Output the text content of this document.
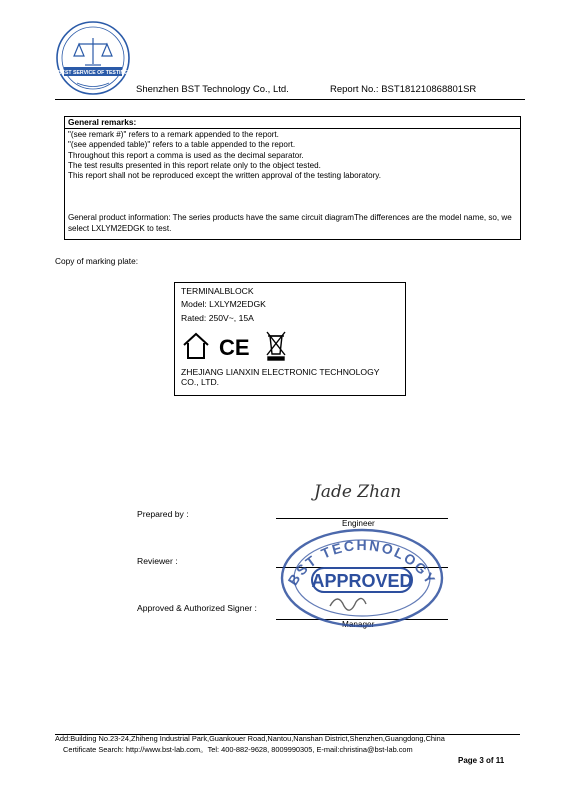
BEST SERVICE OF TESTING
Shenzhen BST Technology Co., Ltd.	Report No.: BST181210868801SR
General remarks:
"(see remark #)" refers to a remark appended to the report.
"(see appended table)" refers to a table appended to the report.
Throughout this report a comma is used as the decimal separator.
The test results presented in this report relate only to the object tested.
This report shall not be reproduced except the written approval of the testing laboratory.
General product information: The series products have the same circuit diagramThe differences are the model name, so, we select LXLYM2EDGK to test.
Copy of marking plate:
TERMINALBLOCK
Model: LXLYM2EDGK
Rated: 250V~, 15A
CE
ZHEJIANG LIANXIN ELECTRONIC TECHNOLOGY CO., LTD.
Jade Zhan
Prepared by :
Engineer
Reviewer :
Approved & Authorized Signer :
Manager
BST TECHNOLOGY
APPROVED
Add:Building No.23-24,Zhiheng Industrial Park,Guankouer Road,Nantou,Nanshan District,Shenzhen,Guangdong,China
Certificate Search: http://www.bst-lab.com。Tel: 400-882-9628, 8009990305, E-mail:christina@bst-lab.com
Page 3 of 11
